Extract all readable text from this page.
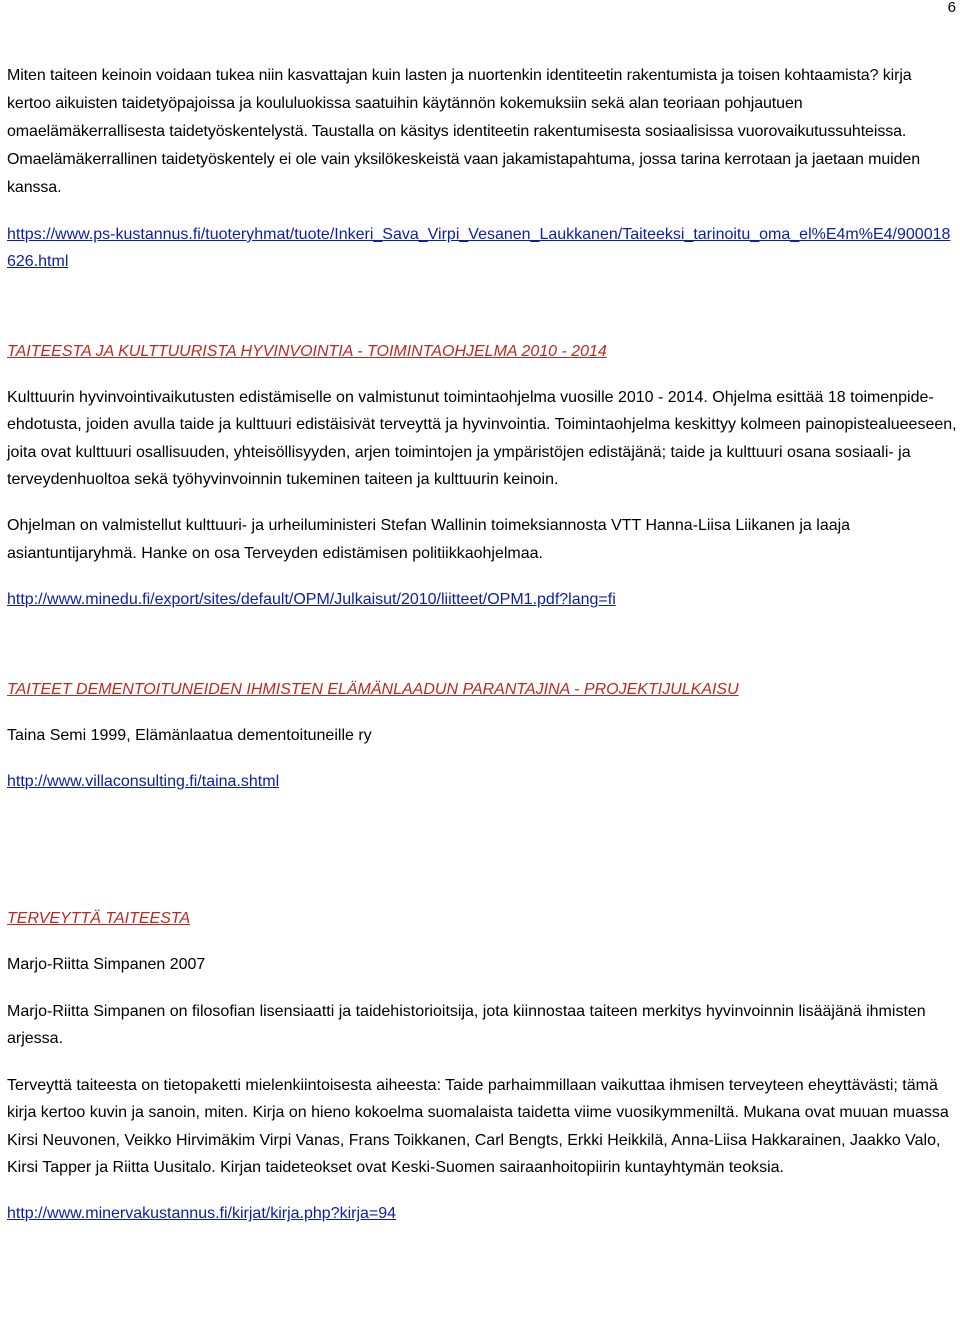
6

Miten taiteen keinoin voidaan tukea niin kasvattajan kuin lasten ja nuortenkin identiteetin rakentumista ja toisen kohtaamista? kirja kertoo aikuisten taidetyöpajoissa ja koululuokissa saatuihin käytännön kokemuksiin sekä alan teoriaan pohjautuen omaelämäkerrallisesta taidetyöskentelystä. Taustalla on käsitys identiteetin rakentumisesta sosiaalisissa vuorovaikutussuhteissa. Omaelämäkerrallinen taidetyöskentely ei ole vain yksilökeskeistä vaan jakamistapahtuma, jossa tarina kerrotaan ja jaetaan muiden kanssa.

https://www.ps-kustannus.fi/tuoteryhmat/tuote/Inkeri_Sava_Virpi_Vesanen_Laukkanen/Taiteeksi_tarinoitu_oma_el%E4m%E4/900018626.html

TAITEESTA JA KULTTUURISTA HYVINVOINTIA - TOIMINTAOHJELMA 2010 - 2014

Kulttuurin hyvinvointivaikutusten edistämiselle on valmistunut toimintaohjelma vuosille 2010 - 2014. Ohjelma esittää 18 toimenpide-ehdotusta, joiden avulla taide ja kulttuuri edistäisivät terveyttä ja hyvinvointia. Toimintaohjelma keskittyy kolmeen painopistealueeseen, joita ovat kulttuuri osallisuuden, yhteisöllisyyden, arjen toimintojen ja ympäristöjen edistäjänä; taide ja kulttuuri osana sosiaali- ja terveydenhuoltoa sekä työhyvinvoinnin tukeminen taiteen ja kulttuurin keinoin.

Ohjelman on valmistellut kulttuuri- ja urheiluministeri Stefan Wallinin toimeksiannosta VTT Hanna-Liisa Liikanen ja laaja asiantuntijaryhmä. Hanke on osa Terveyden edistämisen politiikkaohjelmaa.

http://www.minedu.fi/export/sites/default/OPM/Julkaisut/2010/liitteet/OPM1.pdf?lang=fi

TAITEET DEMENTOITUNEIDEN IHMISTEN ELÄMÄNLAADUN PARANTAJINA - PROJEKTIJULKAISU

Taina Semi 1999, Elämänlaatua dementoituneille ry

http://www.villaconsulting.fi/taina.shtml

TERVEYTTÄ TAITEESTA

Marjo-Riitta Simpanen 2007

Marjo-Riitta Simpanen on filosofian lisensiaatti ja taidehistorioitsija, jota kiinnostaa taiteen merkitys hyvinvoinnin lisääjänä ihmisten arjessa.

Terveyttä taiteesta on tietopaketti mielenkiintoisesta aiheesta: Taide parhaimmillaan vaikuttaa ihmisen terveyteen eheyttävästi; tämä kirja kertoo kuvin ja sanoin, miten. Kirja on hieno kokoelma suomalaista taidetta viime vuosikymmeniltä. Mukana ovat muuan muassa Kirsi Neuvonen, Veikko Hirvimäkim Virpi Vanas, Frans Toikkanen, Carl Bengts, Erkki Heikkilä, Anna-Liisa Hakkarainen, Jaakko Valo, Kirsi Tapper ja Riitta Uusitalo. Kirjan taideteokset ovat Keski-Suomen sairaanhoitopiirin kuntayhtymän teoksia.

http://www.minervakustannus.fi/kirjat/kirja.php?kirja=94
